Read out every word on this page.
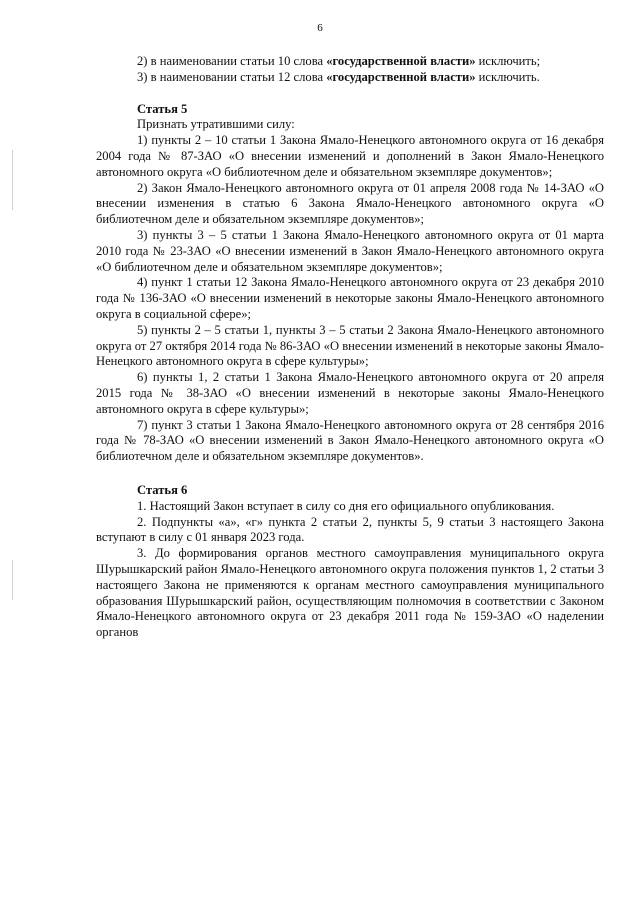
6

2) в наименовании статьи 10 слова «государственной власти» исключить;

3) в наименовании статьи 12 слова «государственной власти» исключить.

Статья 5

Признать утратившими силу:

1) пункты 2 – 10 статьи 1 Закона Ямало-Ненецкого автономного округа от 16 декабря 2004 года № 87-ЗАО «О внесении изменений и дополнений в Закон Ямало-Ненецкого автономного округа «О библиотечном деле и обязательном экземпляре документов»;

2) Закон Ямало-Ненецкого автономного округа от 01 апреля 2008 года № 14-ЗАО «О внесении изменения в статью 6 Закона Ямало-Ненецкого автономного округа «О библиотечном деле и обязательном экземпляре документов»;

3) пункты 3 – 5 статьи 1 Закона Ямало-Ненецкого автономного округа от 01 марта 2010 года № 23-ЗАО «О внесении изменений в Закон Ямало-Ненецкого автономного округа «О библиотечном деле и обязательном экземпляре документов»;

4) пункт 1 статьи 12 Закона Ямало-Ненецкого автономного округа от 23 декабря 2010 года № 136-ЗАО «О внесении изменений в некоторые законы Ямало-Ненецкого автономного округа в социальной сфере»;

5) пункты 2 – 5 статьи 1, пункты 3 – 5 статьи 2 Закона Ямало-Ненецкого автономного округа от 27 октября 2014 года № 86-ЗАО «О внесении изменений в некоторые законы Ямало-Ненецкого автономного округа в сфере культуры»;

6) пункты 1, 2 статьи 1 Закона Ямало-Ненецкого автономного округа от 20 апреля 2015 года № 38-ЗАО «О внесении изменений в некоторые законы Ямало-Ненецкого автономного округа в сфере культуры»;

7) пункт 3 статьи 1 Закона Ямало-Ненецкого автономного округа от 28 сентября 2016 года № 78-ЗАО «О внесении изменений в Закон Ямало-Ненецкого автономного округа «О библиотечном деле и обязательном экземпляре документов».

Статья 6

1. Настоящий Закон вступает в силу со дня его официального опубликования.

2. Подпункты «а», «г» пункта 2 статьи 2, пункты 5, 9 статьи 3 настоящего Закона вступают в силу с 01 января 2023 года.

3. До формирования органов местного самоуправления муниципального округа Шурышкарский район Ямало-Ненецкого автономного округа положения пунктов 1, 2 статьи 3 настоящего Закона не применяются к органам местного самоуправления муниципального образования Шурышкарский район, осуществляющим полномочия в соответствии с Законом Ямало-Ненецкого автономного округа от 23 декабря 2011 года № 159-ЗАО «О наделении органов
